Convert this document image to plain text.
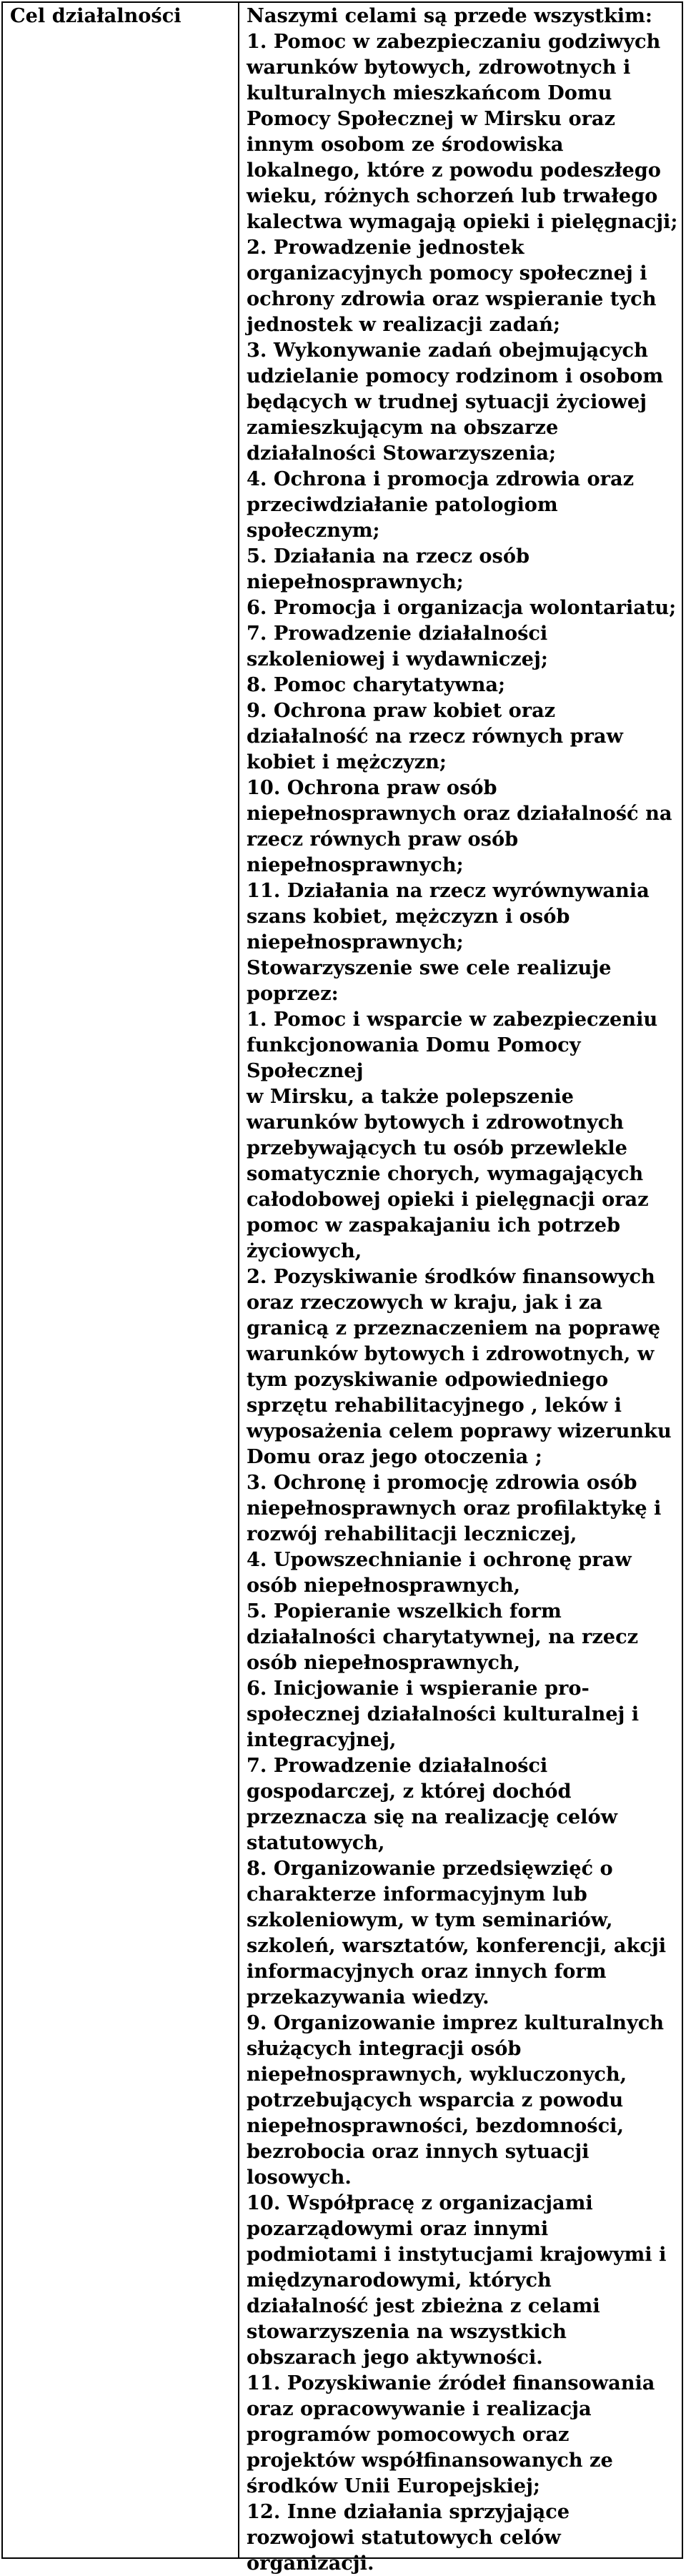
Cel działalności	Naszymi celami są przede wszystkim:
1. Pomoc w zabezpieczaniu godziwych
warunków bytowych, zdrowotnych i
kulturalnych mieszkańcom Domu
Pomocy Społecznej w Mirsku oraz
innym osobom ze środowiska
lokalnego, które z powodu podeszłego
wieku, różnych schorzeń lub trwałego
kalectwa wymagają opieki i pielęgnacji;
2. Prowadzenie jednostek
organizacyjnych pomocy społecznej i
ochrony zdrowia oraz wspieranie tych
jednostek w realizacji zadań;
3. Wykonywanie zadań obejmujących
udzielanie pomocy rodzinom i osobom
będących w trudnej sytuacji życiowej
zamieszkującym na obszarze
działalności Stowarzyszenia;
4. Ochrona i promocja zdrowia oraz
przeciwdziałanie patologiom
społecznym;
5. Działania na rzecz osób
niepełnosprawnych;
6. Promocja i organizacja wolontariatu;
7. Prowadzenie działalności
szkoleniowej i wydawniczej;
8. Pomoc charytatywna;
9. Ochrona praw kobiet oraz
działalność na rzecz równych praw
kobiet i mężczyzn;
10. Ochrona praw osób
niepełnosprawnych oraz działalność na
rzecz równych praw osób
niepełnosprawnych;
11. Działania na rzecz wyrównywania
szans kobiet, mężczyzn i osób
niepełnosprawnych;
Stowarzyszenie swe cele realizuje
poprzez:
1. Pomoc i wsparcie w zabezpieczeniu
funkcjonowania Domu Pomocy
Społecznej
w Mirsku, a także polepszenie
warunków bytowych i zdrowotnych
przebywających tu osób przewlekle
somatycznie chorych, wymagających
całodobowej opieki i pielęgnacji oraz
pomoc w zaspakajaniu ich potrzeb
życiowych,
2. Pozyskiwanie środków finansowych
oraz rzeczowych w kraju, jak i za
granicą z przeznaczeniem na poprawę
warunków bytowych i zdrowotnych, w
tym pozyskiwanie odpowiedniego
sprzętu rehabilitacyjnego , leków i
wyposażenia celem poprawy wizerunku
Domu oraz jego otoczenia ;
3. Ochronę i promocję zdrowia osób
niepełnosprawnych oraz profilaktykę i
rozwój rehabilitacji leczniczej,
4. Upowszechnianie i ochronę praw
osób niepełnosprawnych,
5. Popieranie wszelkich form
działalności charytatywnej, na rzecz
osób niepełnosprawnych,
6. Inicjowanie i wspieranie pro-
społecznej działalności kulturalnej i
integracyjnej,
7. Prowadzenie działalności
gospodarczej, z której dochód
przeznacza się na realizację celów
statutowych,
8. Organizowanie przedsięwzięć o
charakterze informacyjnym lub
szkoleniowym, w tym seminariów,
szkoleń, warsztatów, konferencji, akcji
informacyjnych oraz innych form
przekazywania wiedzy.
9. Organizowanie imprez kulturalnych
służących integracji osób
niepełnosprawnych, wykluczonych,
potrzebujących wsparcia z powodu
niepełnosprawności, bezdomności,
bezrobocia oraz innych sytuacji
losowych.
10. Współpracę z organizacjami
pozarządowymi oraz innymi
podmiotami i instytucjami krajowymi i
międzynarodowymi, których
działalność jest zbieżna z celami
stowarzyszenia na wszystkich
obszarach jego aktywności.
11. Pozyskiwanie źródeł finansowania
oraz opracowywanie i realizacja
programów pomocowych oraz
projektów współfinansowanych ze
środków Unii Europejskiej;
12. Inne działania sprzyjające
rozwojowi statutowych celów
organizacji.
